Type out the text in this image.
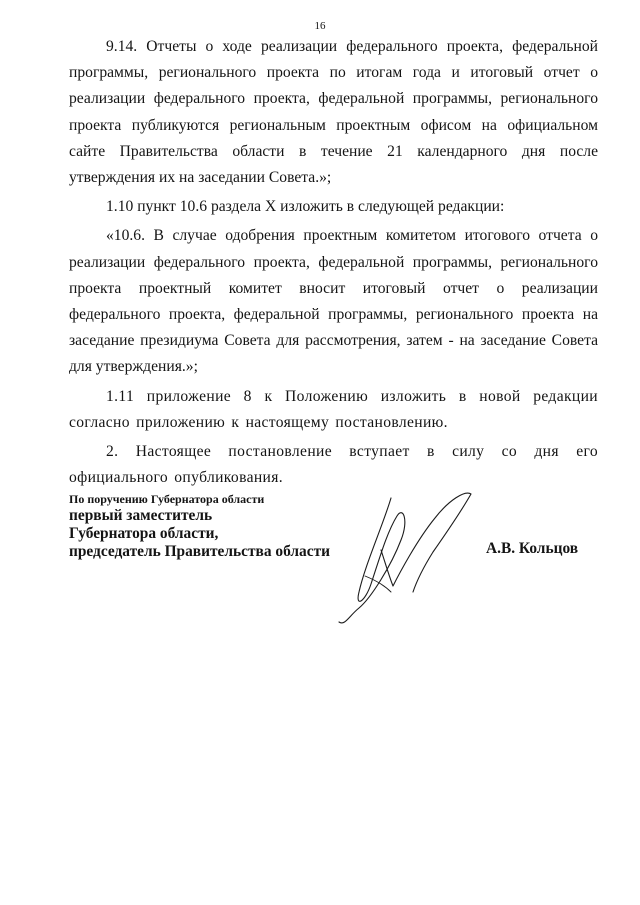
16

9.14. Отчеты о ходе реализации федерального проекта, федеральной программы, регионального проекта по итогам года и итоговый отчет о реализации федерального проекта, федеральной программы, регионального проекта публикуются региональным проектным офисом на официальном сайте Правительства области в течение 21 календарного дня после утверждения их на заседании Совета.»;

1.10 пункт 10.6 раздела X изложить в следующей редакции:

«10.6. В случае одобрения проектным комитетом итогового отчета о реализации федерального проекта, федеральной программы, регионального проекта проектный комитет вносит итоговый отчет о реализации федерального проекта, федеральной программы, регионального проекта на заседание президиума Совета для рассмотрения, затем - на заседание Совета для утверждения.»;

1.11 приложение 8 к Положению изложить в новой редакции согласно приложению к настоящему постановлению.

2. Настоящее постановление вступает в силу со дня его официального опубликования.

По поручению Губернатора области
первый заместитель
Губернатора области,
председатель Правительства области	А.В. Кольцов
